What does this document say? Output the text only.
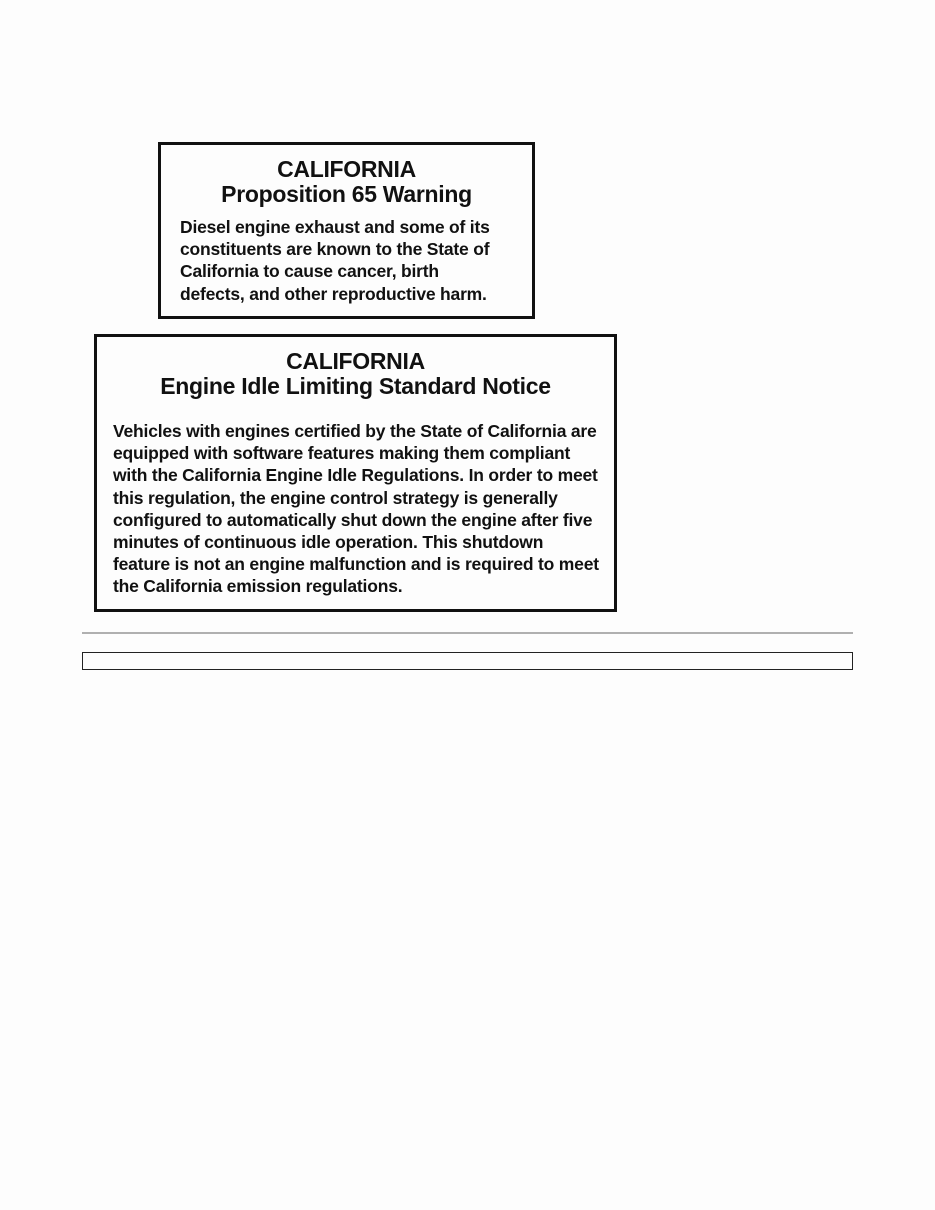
CALIFORNIA
Proposition 65 Warning

Diesel engine exhaust and some of its
constituents are known to the State of
California to cause cancer, birth
defects, and other reproductive harm.

CALIFORNIA
Engine Idle Limiting Standard Notice

Vehicles with engines certified by the State of California are
equipped with software features making them compliant
with the California Engine Idle Regulations. In order to meet
this regulation, the engine control strategy is generally
configured to automatically shut down the engine after five
minutes of continuous idle operation. This shutdown
feature is not an engine malfunction and is required to meet
the California emission regulations.
